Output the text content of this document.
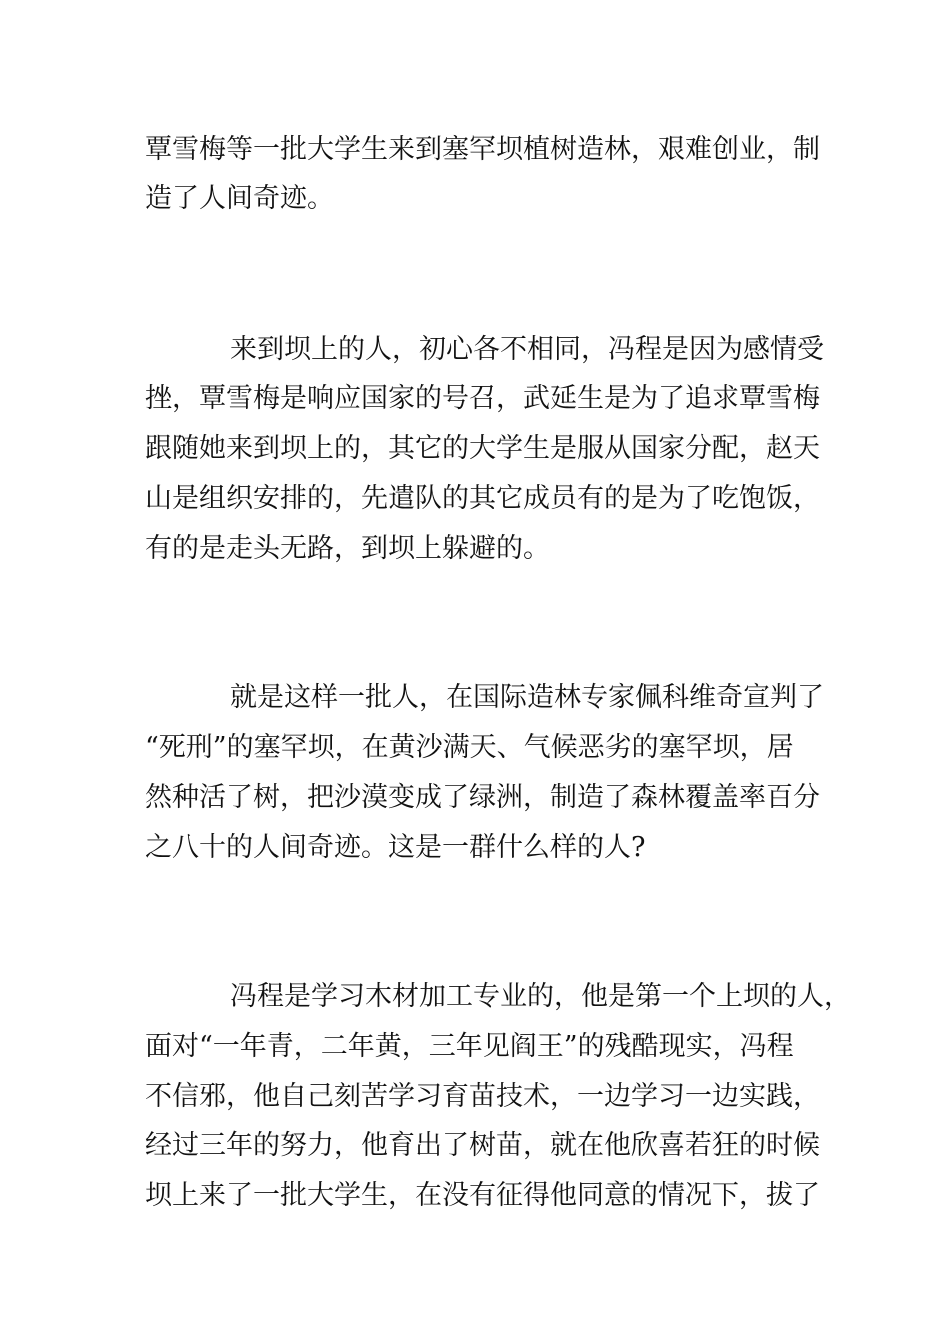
覃雪梅等一批大学生来到塞罕坝植树造林，艰难创业，制
造了人间奇迹。
来到坝上的人，初心各不相同，冯程是因为感情受
挫，覃雪梅是响应国家的号召，武延生是为了追求覃雪梅
跟随她来到坝上的，其它的大学生是服从国家分配，赵天
山是组织安排的，先遣队的其它成员有的是为了吃饱饭，
有的是走头无路，到坝上躲避的。
就是这样一批人，在国际造林专家佩科维奇宣判了
“死刑”的塞罕坝，在黄沙满天、气候恶劣的塞罕坝，居
然种活了树，把沙漠变成了绿洲，制造了森林覆盖率百分
之八十的人间奇迹。这是一群什么样的人?
冯程是学习木材加工专业的，他是第一个上坝的人，
面对“一年青，二年黄，三年见阎王”的残酷现实，冯程
不信邪，他自己刻苦学习育苗技术，一边学习一边实践，
经过三年的努力，他育出了树苗，就在他欣喜若狂的时候
坝上来了一批大学生，在没有征得他同意的情况下，拔了
